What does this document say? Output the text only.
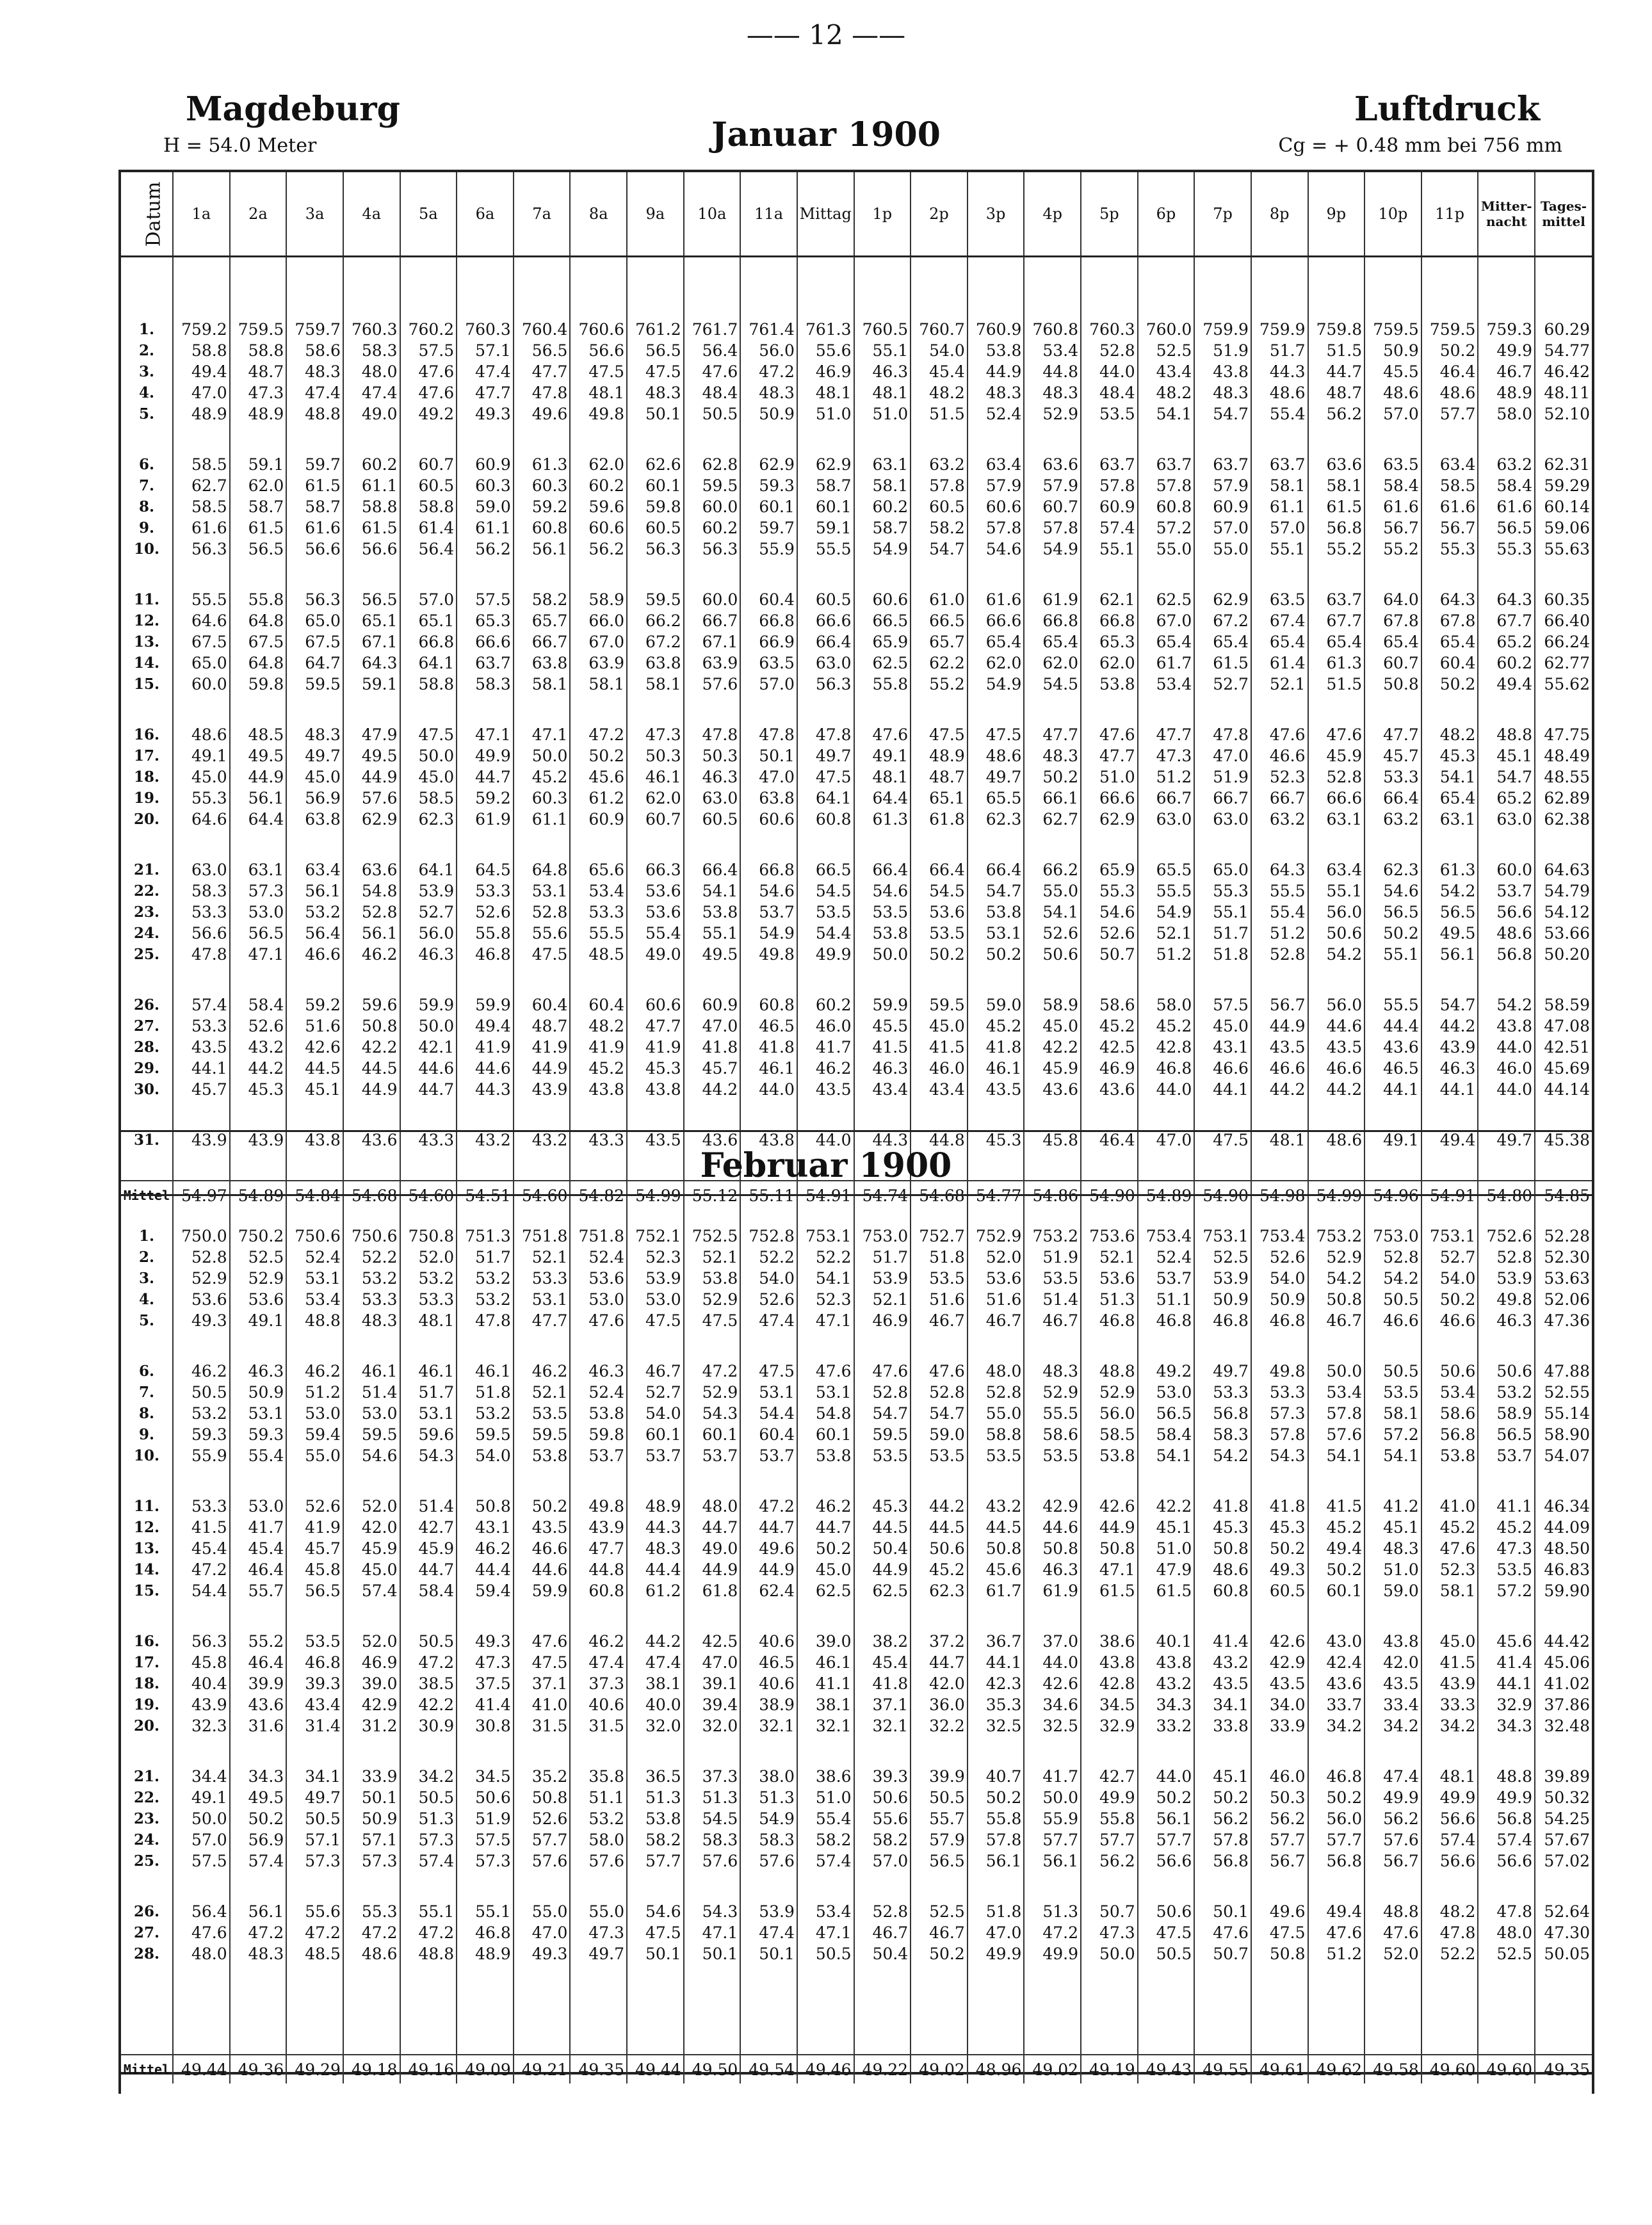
—— 12 ——
Magdeburg
H = 54.0 Meter	Januar 1900
Luftdruck
Cg = + 0.48 mm bei 756 mm
Datum	1a	2a	3a	4a	5a	6a	7a	8a	9a	10a	11a	Mittag	1p	2p	3p	4p	5p	6p	7p	8p	9p	10p	11p	Mitter-nacht	Tages-mittel

1.	759.2	759.5	759.7	760.3	760.2	760.3	760.4	760.6	761.2	761.7	761.4	761.3	760.5	760.7	760.9	760.8	760.3	760.0	759.9	759.9	759.8	759.5	759.5	759.3	60.29
2.	58.8	58.8	58.6	58.3	57.5	57.1	56.5	56.6	56.5	56.4	56.0	55.6	55.1	54.0	53.8	53.4	52.8	52.5	51.9	51.7	51.5	50.9	50.2	49.9	54.77
3.	49.4	48.7	48.3	48.0	47.6	47.4	47.7	47.5	47.5	47.6	47.2	46.9	46.3	45.4	44.9	44.8	44.0	43.4	43.8	44.3	44.7	45.5	46.4	46.7	46.42
4.	47.0	47.3	47.4	47.4	47.6	47.7	47.8	48.1	48.3	48.4	48.3	48.1	48.1	48.2	48.3	48.3	48.4	48.2	48.3	48.6	48.7	48.6	48.6	48.9	48.11
5.	48.9	48.9	48.8	49.0	49.2	49.3	49.6	49.8	50.1	50.5	50.9	51.0	51.0	51.5	52.4	52.9	53.5	54.1	54.7	55.4	56.2	57.0	57.7	58.0	52.10

6.	58.5	59.1	59.7	60.2	60.7	60.9	61.3	62.0	62.6	62.8	62.9	62.9	63.1	63.2	63.4	63.6	63.7	63.7	63.7	63.7	63.6	63.5	63.4	63.2	62.31
7.	62.7	62.0	61.5	61.1	60.5	60.3	60.3	60.2	60.1	59.5	59.3	58.7	58.1	57.8	57.9	57.9	57.8	57.8	57.9	58.1	58.1	58.4	58.5	58.4	59.29
8.	58.5	58.7	58.7	58.8	58.8	59.0	59.2	59.6	59.8	60.0	60.1	60.1	60.2	60.5	60.6	60.7	60.9	60.8	60.9	61.1	61.5	61.6	61.6	61.6	60.14
9.	61.6	61.5	61.6	61.5	61.4	61.1	60.8	60.6	60.5	60.2	59.7	59.1	58.7	58.2	57.8	57.8	57.4	57.2	57.0	57.0	56.8	56.7	56.7	56.5	59.06
10.	56.3	56.5	56.6	56.6	56.4	56.2	56.1	56.2	56.3	56.3	55.9	55.5	54.9	54.7	54.6	54.9	55.1	55.0	55.0	55.1	55.2	55.2	55.3	55.3	55.63

11.	55.5	55.8	56.3	56.5	57.0	57.5	58.2	58.9	59.5	60.0	60.4	60.5	60.6	61.0	61.6	61.9	62.1	62.5	62.9	63.5	63.7	64.0	64.3	64.3	60.35
12.	64.6	64.8	65.0	65.1	65.1	65.3	65.7	66.0	66.2	66.7	66.8	66.6	66.5	66.5	66.6	66.8	66.8	67.0	67.2	67.4	67.7	67.8	67.8	67.7	66.40
13.	67.5	67.5	67.5	67.1	66.8	66.6	66.7	67.0	67.2	67.1	66.9	66.4	65.9	65.7	65.4	65.4	65.3	65.4	65.4	65.4	65.4	65.4	65.4	65.2	66.24
14.	65.0	64.8	64.7	64.3	64.1	63.7	63.8	63.9	63.8	63.9	63.5	63.0	62.5	62.2	62.0	62.0	62.0	61.7	61.5	61.4	61.3	60.7	60.4	60.2	62.77
15.	60.0	59.8	59.5	59.1	58.8	58.3	58.1	58.1	58.1	57.6	57.0	56.3	55.8	55.2	54.9	54.5	53.8	53.4	52.7	52.1	51.5	50.8	50.2	49.4	55.62

16.	48.6	48.5	48.3	47.9	47.5	47.1	47.1	47.2	47.3	47.8	47.8	47.8	47.6	47.5	47.5	47.7	47.6	47.7	47.8	47.6	47.6	47.7	48.2	48.8	47.75
17.	49.1	49.5	49.7	49.5	50.0	49.9	50.0	50.2	50.3	50.3	50.1	49.7	49.1	48.9	48.6	48.3	47.7	47.3	47.0	46.6	45.9	45.7	45.3	45.1	48.49
18.	45.0	44.9	45.0	44.9	45.0	44.7	45.2	45.6	46.1	46.3	47.0	47.5	48.1	48.7	49.7	50.2	51.0	51.2	51.9	52.3	52.8	53.3	54.1	54.7	48.55
19.	55.3	56.1	56.9	57.6	58.5	59.2	60.3	61.2	62.0	63.0	63.8	64.1	64.4	65.1	65.5	66.1	66.6	66.7	66.7	66.7	66.6	66.4	65.4	65.2	62.89
20.	64.6	64.4	63.8	62.9	62.3	61.9	61.1	60.9	60.7	60.5	60.6	60.8	61.3	61.8	62.3	62.7	62.9	63.0	63.0	63.2	63.1	63.2	63.1	63.0	62.38

21.	63.0	63.1	63.4	63.6	64.1	64.5	64.8	65.6	66.3	66.4	66.8	66.5	66.4	66.4	66.4	66.2	65.9	65.5	65.0	64.3	63.4	62.3	61.3	60.0	64.63
22.	58.3	57.3	56.1	54.8	53.9	53.3	53.1	53.4	53.6	54.1	54.6	54.5	54.6	54.5	54.7	55.0	55.3	55.5	55.3	55.5	55.1	54.6	54.2	53.7	54.79
23.	53.3	53.0	53.2	52.8	52.7	52.6	52.8	53.3	53.6	53.8	53.7	53.5	53.5	53.6	53.8	54.1	54.6	54.9	55.1	55.4	56.0	56.5	56.5	56.6	54.12
24.	56.6	56.5	56.4	56.1	56.0	55.8	55.6	55.5	55.4	55.1	54.9	54.4	53.8	53.5	53.1	52.6	52.6	52.1	51.7	51.2	50.6	50.2	49.5	48.6	53.66
25.	47.8	47.1	46.6	46.2	46.3	46.8	47.5	48.5	49.0	49.5	49.8	49.9	50.0	50.2	50.2	50.6	50.7	51.2	51.8	52.8	54.2	55.1	56.1	56.8	50.20

26.	57.4	58.4	59.2	59.6	59.9	59.9	60.4	60.4	60.6	60.9	60.8	60.2	59.9	59.5	59.0	58.9	58.6	58.0	57.5	56.7	56.0	55.5	54.7	54.2	58.59
27.	53.3	52.6	51.6	50.8	50.0	49.4	48.7	48.2	47.7	47.0	46.5	46.0	45.5	45.0	45.2	45.0	45.2	45.2	45.0	44.9	44.6	44.4	44.2	43.8	47.08
28.	43.5	43.2	42.6	42.2	42.1	41.9	41.9	41.9	41.9	41.8	41.8	41.7	41.5	41.5	41.8	42.2	42.5	42.8	43.1	43.5	43.5	43.6	43.9	44.0	42.51
29.	44.1	44.2	44.5	44.5	44.6	44.6	44.9	45.2	45.3	45.7	46.1	46.2	46.3	46.0	46.1	45.9	46.9	46.8	46.6	46.6	46.6	46.5	46.3	46.0	45.69
30.	45.7	45.3	45.1	44.9	44.7	44.3	43.9	43.8	43.8	44.2	44.0	43.5	43.4	43.4	43.5	43.6	43.6	44.0	44.1	44.2	44.2	44.1	44.1	44.0	44.14

31.	43.9	43.9	43.8	43.6	43.3	43.2	43.2	43.3	43.5	43.6	43.8	44.0	44.3	44.8	45.3	45.8	46.4	47.0	47.5	48.1	48.6	49.1	49.4	49.7	45.38

Mittel	54.97	54.89	54.84	54.68	54.60	54.51	54.60	54.82	54.99	55.12	55.11	54.91	54.74	54.68	54.77	54.86	54.90	54.89	54.90	54.98	54.99	54.96	54.91	54.80	54.85
Februar 1900

1.	750.0	750.2	750.6	750.6	750.8	751.3	751.8	751.8	752.1	752.5	752.8	753.1	753.0	752.7	752.9	753.2	753.6	753.4	753.1	753.4	753.2	753.0	753.1	752.6	52.28
2.	52.8	52.5	52.4	52.2	52.0	51.7	52.1	52.4	52.3	52.1	52.2	52.2	51.7	51.8	52.0	51.9	52.1	52.4	52.5	52.6	52.9	52.8	52.7	52.8	52.30
3.	52.9	52.9	53.1	53.2	53.2	53.2	53.3	53.6	53.9	53.8	54.0	54.1	53.9	53.5	53.6	53.5	53.6	53.7	53.9	54.0	54.2	54.2	54.0	53.9	53.63
4.	53.6	53.6	53.4	53.3	53.3	53.2	53.1	53.0	53.0	52.9	52.6	52.3	52.1	51.6	51.6	51.4	51.3	51.1	50.9	50.9	50.8	50.5	50.2	49.8	52.06
5.	49.3	49.1	48.8	48.3	48.1	47.8	47.7	47.6	47.5	47.5	47.4	47.1	46.9	46.7	46.7	46.7	46.8	46.8	46.8	46.8	46.7	46.6	46.6	46.3	47.36

6.	46.2	46.3	46.2	46.1	46.1	46.1	46.2	46.3	46.7	47.2	47.5	47.6	47.6	47.6	48.0	48.3	48.8	49.2	49.7	49.8	50.0	50.5	50.6	50.6	47.88
7.	50.5	50.9	51.2	51.4	51.7	51.8	52.1	52.4	52.7	52.9	53.1	53.1	52.8	52.8	52.8	52.9	52.9	53.0	53.3	53.3	53.4	53.5	53.4	53.2	52.55
8.	53.2	53.1	53.0	53.0	53.1	53.2	53.5	53.8	54.0	54.3	54.4	54.8	54.7	54.7	55.0	55.5	56.0	56.5	56.8	57.3	57.8	58.1	58.6	58.9	55.14
9.	59.3	59.3	59.4	59.5	59.6	59.5	59.5	59.8	60.1	60.1	60.4	60.1	59.5	59.0	58.8	58.6	58.5	58.4	58.3	57.8	57.6	57.2	56.8	56.5	58.90
10.	55.9	55.4	55.0	54.6	54.3	54.0	53.8	53.7	53.7	53.7	53.7	53.8	53.5	53.5	53.5	53.5	53.8	54.1	54.2	54.3	54.1	54.1	53.8	53.7	54.07

11.	53.3	53.0	52.6	52.0	51.4	50.8	50.2	49.8	48.9	48.0	47.2	46.2	45.3	44.2	43.2	42.9	42.6	42.2	41.8	41.8	41.5	41.2	41.0	41.1	46.34
12.	41.5	41.7	41.9	42.0	42.7	43.1	43.5	43.9	44.3	44.7	44.7	44.7	44.5	44.5	44.5	44.6	44.9	45.1	45.3	45.3	45.2	45.1	45.2	45.2	44.09
13.	45.4	45.4	45.7	45.9	45.9	46.2	46.6	47.7	48.3	49.0	49.6	50.2	50.4	50.6	50.8	50.8	50.8	51.0	50.8	50.2	49.4	48.3	47.6	47.3	48.50
14.	47.2	46.4	45.8	45.0	44.7	44.4	44.6	44.8	44.4	44.9	44.9	45.0	44.9	45.2	45.6	46.3	47.1	47.9	48.6	49.3	50.2	51.0	52.3	53.5	46.83
15.	54.4	55.7	56.5	57.4	58.4	59.4	59.9	60.8	61.2	61.8	62.4	62.5	62.5	62.3	61.7	61.9	61.5	61.5	60.8	60.5	60.1	59.0	58.1	57.2	59.90

16.	56.3	55.2	53.5	52.0	50.5	49.3	47.6	46.2	44.2	42.5	40.6	39.0	38.2	37.2	36.7	37.0	38.6	40.1	41.4	42.6	43.0	43.8	45.0	45.6	44.42
17.	45.8	46.4	46.8	46.9	47.2	47.3	47.5	47.4	47.4	47.0	46.5	46.1	45.4	44.7	44.1	44.0	43.8	43.8	43.2	42.9	42.4	42.0	41.5	41.4	45.06
18.	40.4	39.9	39.3	39.0	38.5	37.5	37.1	37.3	38.1	39.1	40.6	41.1	41.8	42.0	42.3	42.6	42.8	43.2	43.5	43.5	43.6	43.5	43.9	44.1	41.02
19.	43.9	43.6	43.4	42.9	42.2	41.4	41.0	40.6	40.0	39.4	38.9	38.1	37.1	36.0	35.3	34.6	34.5	34.3	34.1	34.0	33.7	33.4	33.3	32.9	37.86
20.	32.3	31.6	31.4	31.2	30.9	30.8	31.5	31.5	32.0	32.0	32.1	32.1	32.1	32.2	32.5	32.5	32.9	33.2	33.8	33.9	34.2	34.2	34.2	34.3	32.48

21.	34.4	34.3	34.1	33.9	34.2	34.5	35.2	35.8	36.5	37.3	38.0	38.6	39.3	39.9	40.7	41.7	42.7	44.0	45.1	46.0	46.8	47.4	48.1	48.8	39.89
22.	49.1	49.5	49.7	50.1	50.5	50.6	50.8	51.1	51.3	51.3	51.3	51.0	50.6	50.5	50.2	50.0	49.9	50.2	50.2	50.3	50.2	49.9	49.9	49.9	50.32
23.	50.0	50.2	50.5	50.9	51.3	51.9	52.6	53.2	53.8	54.5	54.9	55.4	55.6	55.7	55.8	55.9	55.8	56.1	56.2	56.2	56.0	56.2	56.6	56.8	54.25
24.	57.0	56.9	57.1	57.1	57.3	57.5	57.7	58.0	58.2	58.3	58.3	58.2	58.2	57.9	57.8	57.7	57.7	57.7	57.8	57.7	57.7	57.6	57.4	57.4	57.67
25.	57.5	57.4	57.3	57.3	57.4	57.3	57.6	57.6	57.7	57.6	57.6	57.4	57.0	56.5	56.1	56.1	56.2	56.6	56.8	56.7	56.8	56.7	56.6	56.6	57.02

26.	56.4	56.1	55.6	55.3	55.1	55.1	55.0	55.0	54.6	54.3	53.9	53.4	52.8	52.5	51.8	51.3	50.7	50.6	50.1	49.6	49.4	48.8	48.2	47.8	52.64
27.	47.6	47.2	47.2	47.2	47.2	46.8	47.0	47.3	47.5	47.1	47.4	47.1	46.7	46.7	47.0	47.2	47.3	47.5	47.6	47.5	47.6	47.6	47.8	48.0	47.30
28.	48.0	48.3	48.5	48.6	48.8	48.9	49.3	49.7	50.1	50.1	50.1	50.5	50.4	50.2	49.9	49.9	50.0	50.5	50.7	50.8	51.2	52.0	52.2	52.5	50.05

Mittel	49.44	49.36	49.29	49.18	49.16	49.09	49.21	49.35	49.44	49.50	49.54	49.46	49.22	49.02	48.96	49.02	49.19	49.43	49.55	49.61	49.62	49.58	49.60	49.60	49.35
